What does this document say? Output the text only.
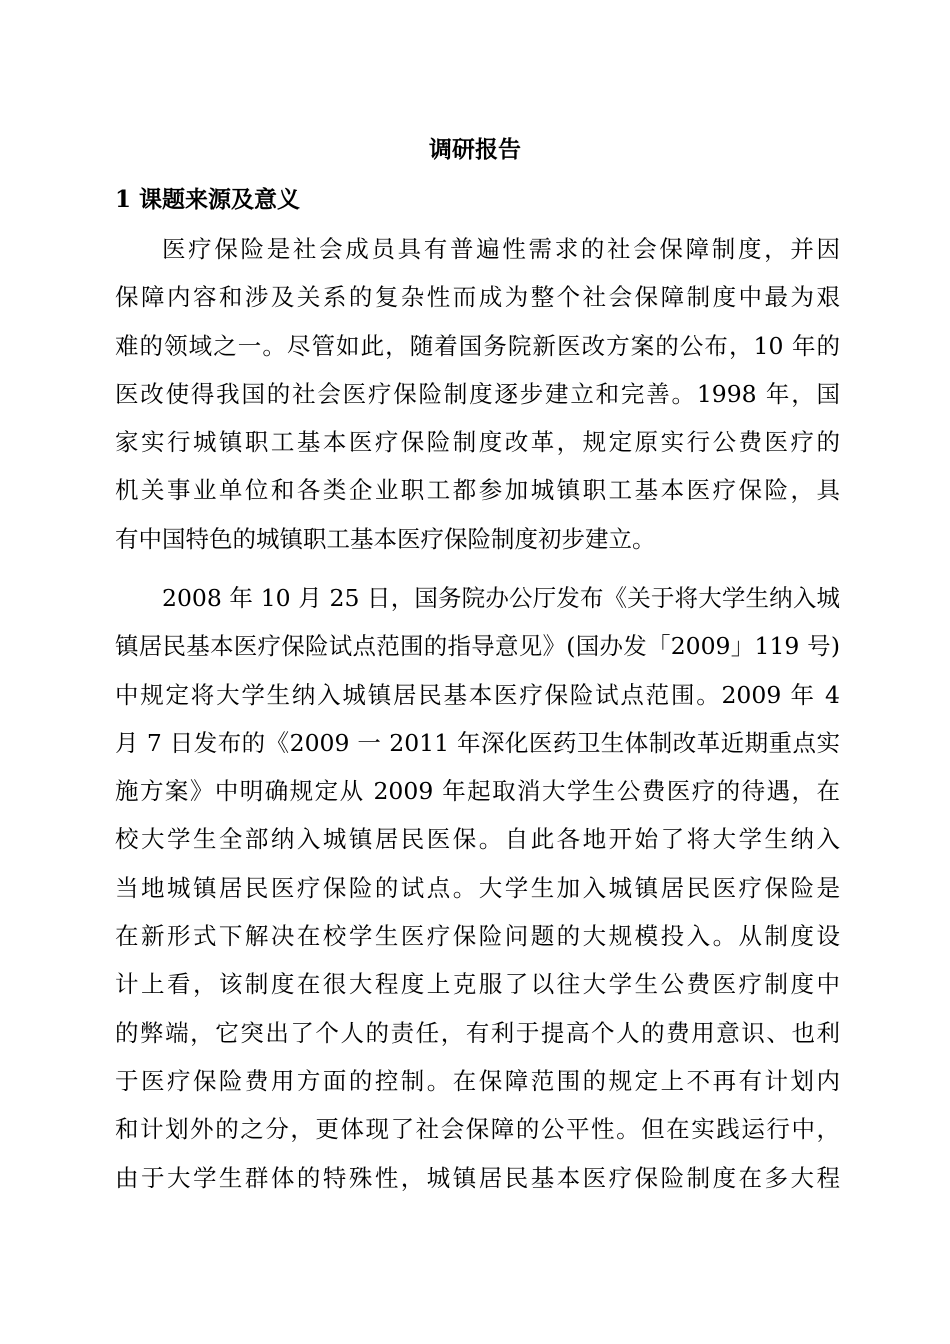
调研报告
1 课题来源及意义
医疗保险是社会成员具有普遍性需求的社会保障制度，并因
保障内容和涉及关系的复杂性而成为整个社会保障制度中最为艰
难的领域之一。尽管如此，随着国务院新医改方案的公布，10 年的
医改使得我国的社会医疗保险制度逐步建立和完善。1998 年，国
家实行城镇职工基本医疗保险制度改革，规定原实行公费医疗的
机关事业单位和各类企业职工都参加城镇职工基本医疗保险，具
有中国特色的城镇职工基本医疗保险制度初步建立。
2008 年 10 月 25 日，国务院办公厅发布《关于将大学生纳入城
镇居民基本医疗保险试点范围的指导意见》(国办发「2009」119 号)
中规定将大学生纳入城镇居民基本医疗保险试点范围。2009 年 4
月 7 日发布的《2009 一 2011 年深化医药卫生体制改革近期重点实
施方案》中明确规定从 2009 年起取消大学生公费医疗的待遇，在
校大学生全部纳入城镇居民医保。自此各地开始了将大学生纳入
当地城镇居民医疗保险的试点。大学生加入城镇居民医疗保险是
在新形式下解决在校学生医疗保险问题的大规模投入。从制度设
计上看，该制度在很大程度上克服了以往大学生公费医疗制度中
的弊端，它突出了个人的责任，有利于提高个人的费用意识、也利
于医疗保险费用方面的控制。在保障范围的规定上不再有计划内
和计划外的之分，更体现了社会保障的公平性。但在实践运行中，
由于大学生群体的特殊性，城镇居民基本医疗保险制度在多大程
